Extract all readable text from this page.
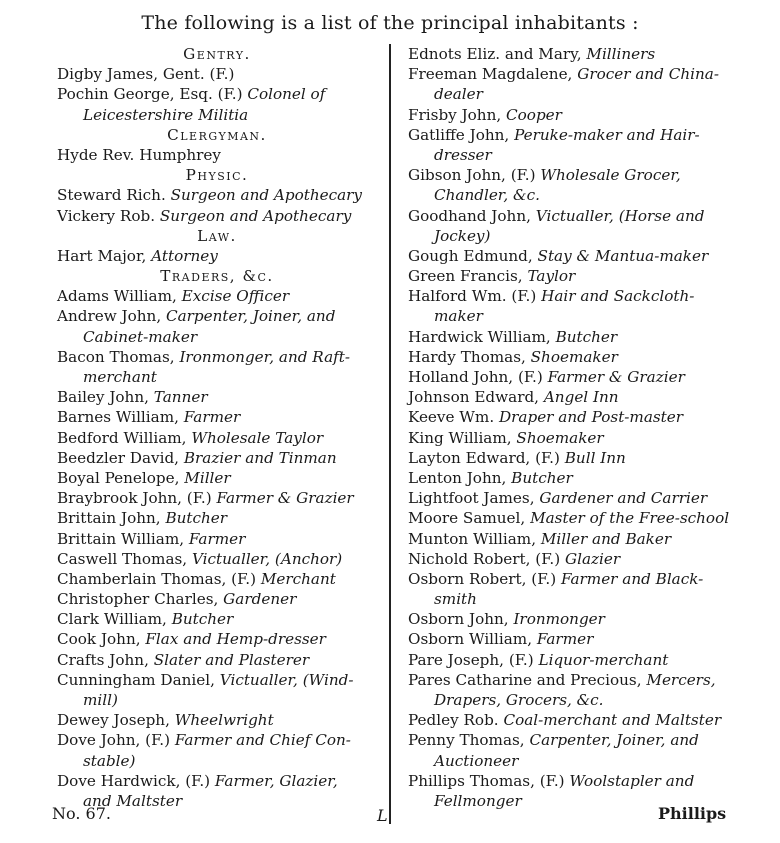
The following is a list of the principal inhabitants :
Gentry.
Digby James, Gent. (F.)
Pochin George, Esq. (F.) Colonel of
Leicestershire Militia
Clergyman.
Hyde Rev. Humphrey
Physic.
Steward Rich. Surgeon and Apothecary
Vickery Rob. Surgeon and Apothecary
Law.
Hart Major, Attorney
Traders, &c.
Adams William, Excise Officer
Andrew John, Carpenter, Joiner, and
Cabinet-maker
Bacon Thomas, Ironmonger, and Raft-
merchant
Bailey John, Tanner
Barnes William, Farmer
Bedford William, Wholesale Taylor
Beedzler David, Brazier and Tinman
Boyal Penelope, Miller
Braybrook John, (F.) Farmer & Grazier
Brittain John, Butcher
Brittain William, Farmer
Caswell Thomas, Victualler, (Anchor)
Chamberlain Thomas, (F.) Merchant
Christopher Charles, Gardener
Clark William, Butcher
Cook John, Flax and Hemp-dresser
Crafts John, Slater and Plasterer
Cunningham Daniel, Victualler, (Wind-
mill)
Dewey Joseph, Wheelwright
Dove John, (F.) Farmer and Chief Con-
stable)
Dove Hardwick, (F.) Farmer, Glazier,
and Maltster
Ednots Eliz. and Mary, Milliners
Freeman Magdalene, Grocer and China-
dealer
Frisby John, Cooper
Gatliffe John, Peruke-maker and Hair-
dresser
Gibson John, (F.) Wholesale Grocer,
Chandler, &c.
Goodhand John, Victualler, (Horse and
Jockey)
Gough Edmund, Stay & Mantua-maker
Green Francis, Taylor
Halford Wm. (F.) Hair and Sackcloth-
maker
Hardwick William, Butcher
Hardy Thomas, Shoemaker
Holland John, (F.) Farmer & Grazier
Johnson Edward, Angel Inn
Keeve Wm. Draper and Post-master
King William, Shoemaker
Layton Edward, (F.) Bull Inn
Lenton John, Butcher
Lightfoot James, Gardener and Carrier
Moore Samuel, Master of the Free-school
Munton William, Miller and Baker
Nichold Robert, (F.) Glazier
Osborn Robert, (F.) Farmer and Black-
smith
Osborn John, Ironmonger
Osborn William, Farmer
Pare Joseph, (F.) Liquor-merchant
Pares Catharine and Precious, Mercers,
Drapers, Grocers, &c.
Pedley Rob. Coal-merchant and Maltster
Penny Thomas, Carpenter, Joiner, and
Auctioneer
Phillips Thomas, (F.) Woolstapler and
Fellmonger
No. 67.	L	Phillips
